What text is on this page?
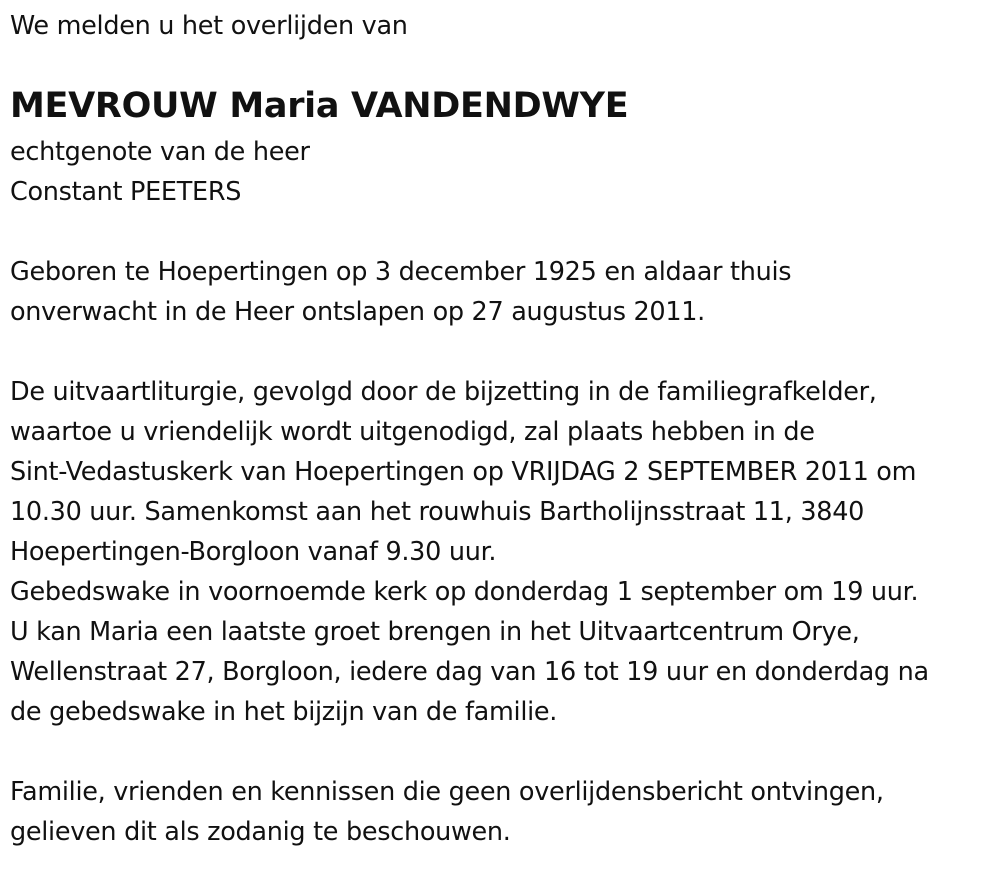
We melden u het overlijden van
MEVROUW Maria VANDENDWYE
echtgenote van de heer
Constant PEETERS
Geboren te Hoepertingen op 3 december 1925 en aldaar thuis
onverwacht in de Heer ontslapen op 27 augustus 2011.
De uitvaartliturgie, gevolgd door de bijzetting in de familiegrafkelder,
waartoe u vriendelijk wordt uitgenodigd, zal plaats hebben in de
Sint-Vedastuskerk van Hoepertingen op VRIJDAG 2 SEPTEMBER 2011 om
10.30 uur. Samenkomst aan het rouwhuis Bartholijnsstraat 11, 3840
Hoepertingen-Borgloon vanaf 9.30 uur.
Gebedswake in voornoemde kerk op donderdag 1 september om 19 uur.
U kan Maria een laatste groet brengen in het Uitvaartcentrum Orye,
Wellenstraat 27, Borgloon, iedere dag van 16 tot 19 uur en donderdag na
de gebedswake in het bijzijn van de familie.
Familie, vrienden en kennissen die geen overlijdensbericht ontvingen,
gelieven dit als zodanig te beschouwen.
